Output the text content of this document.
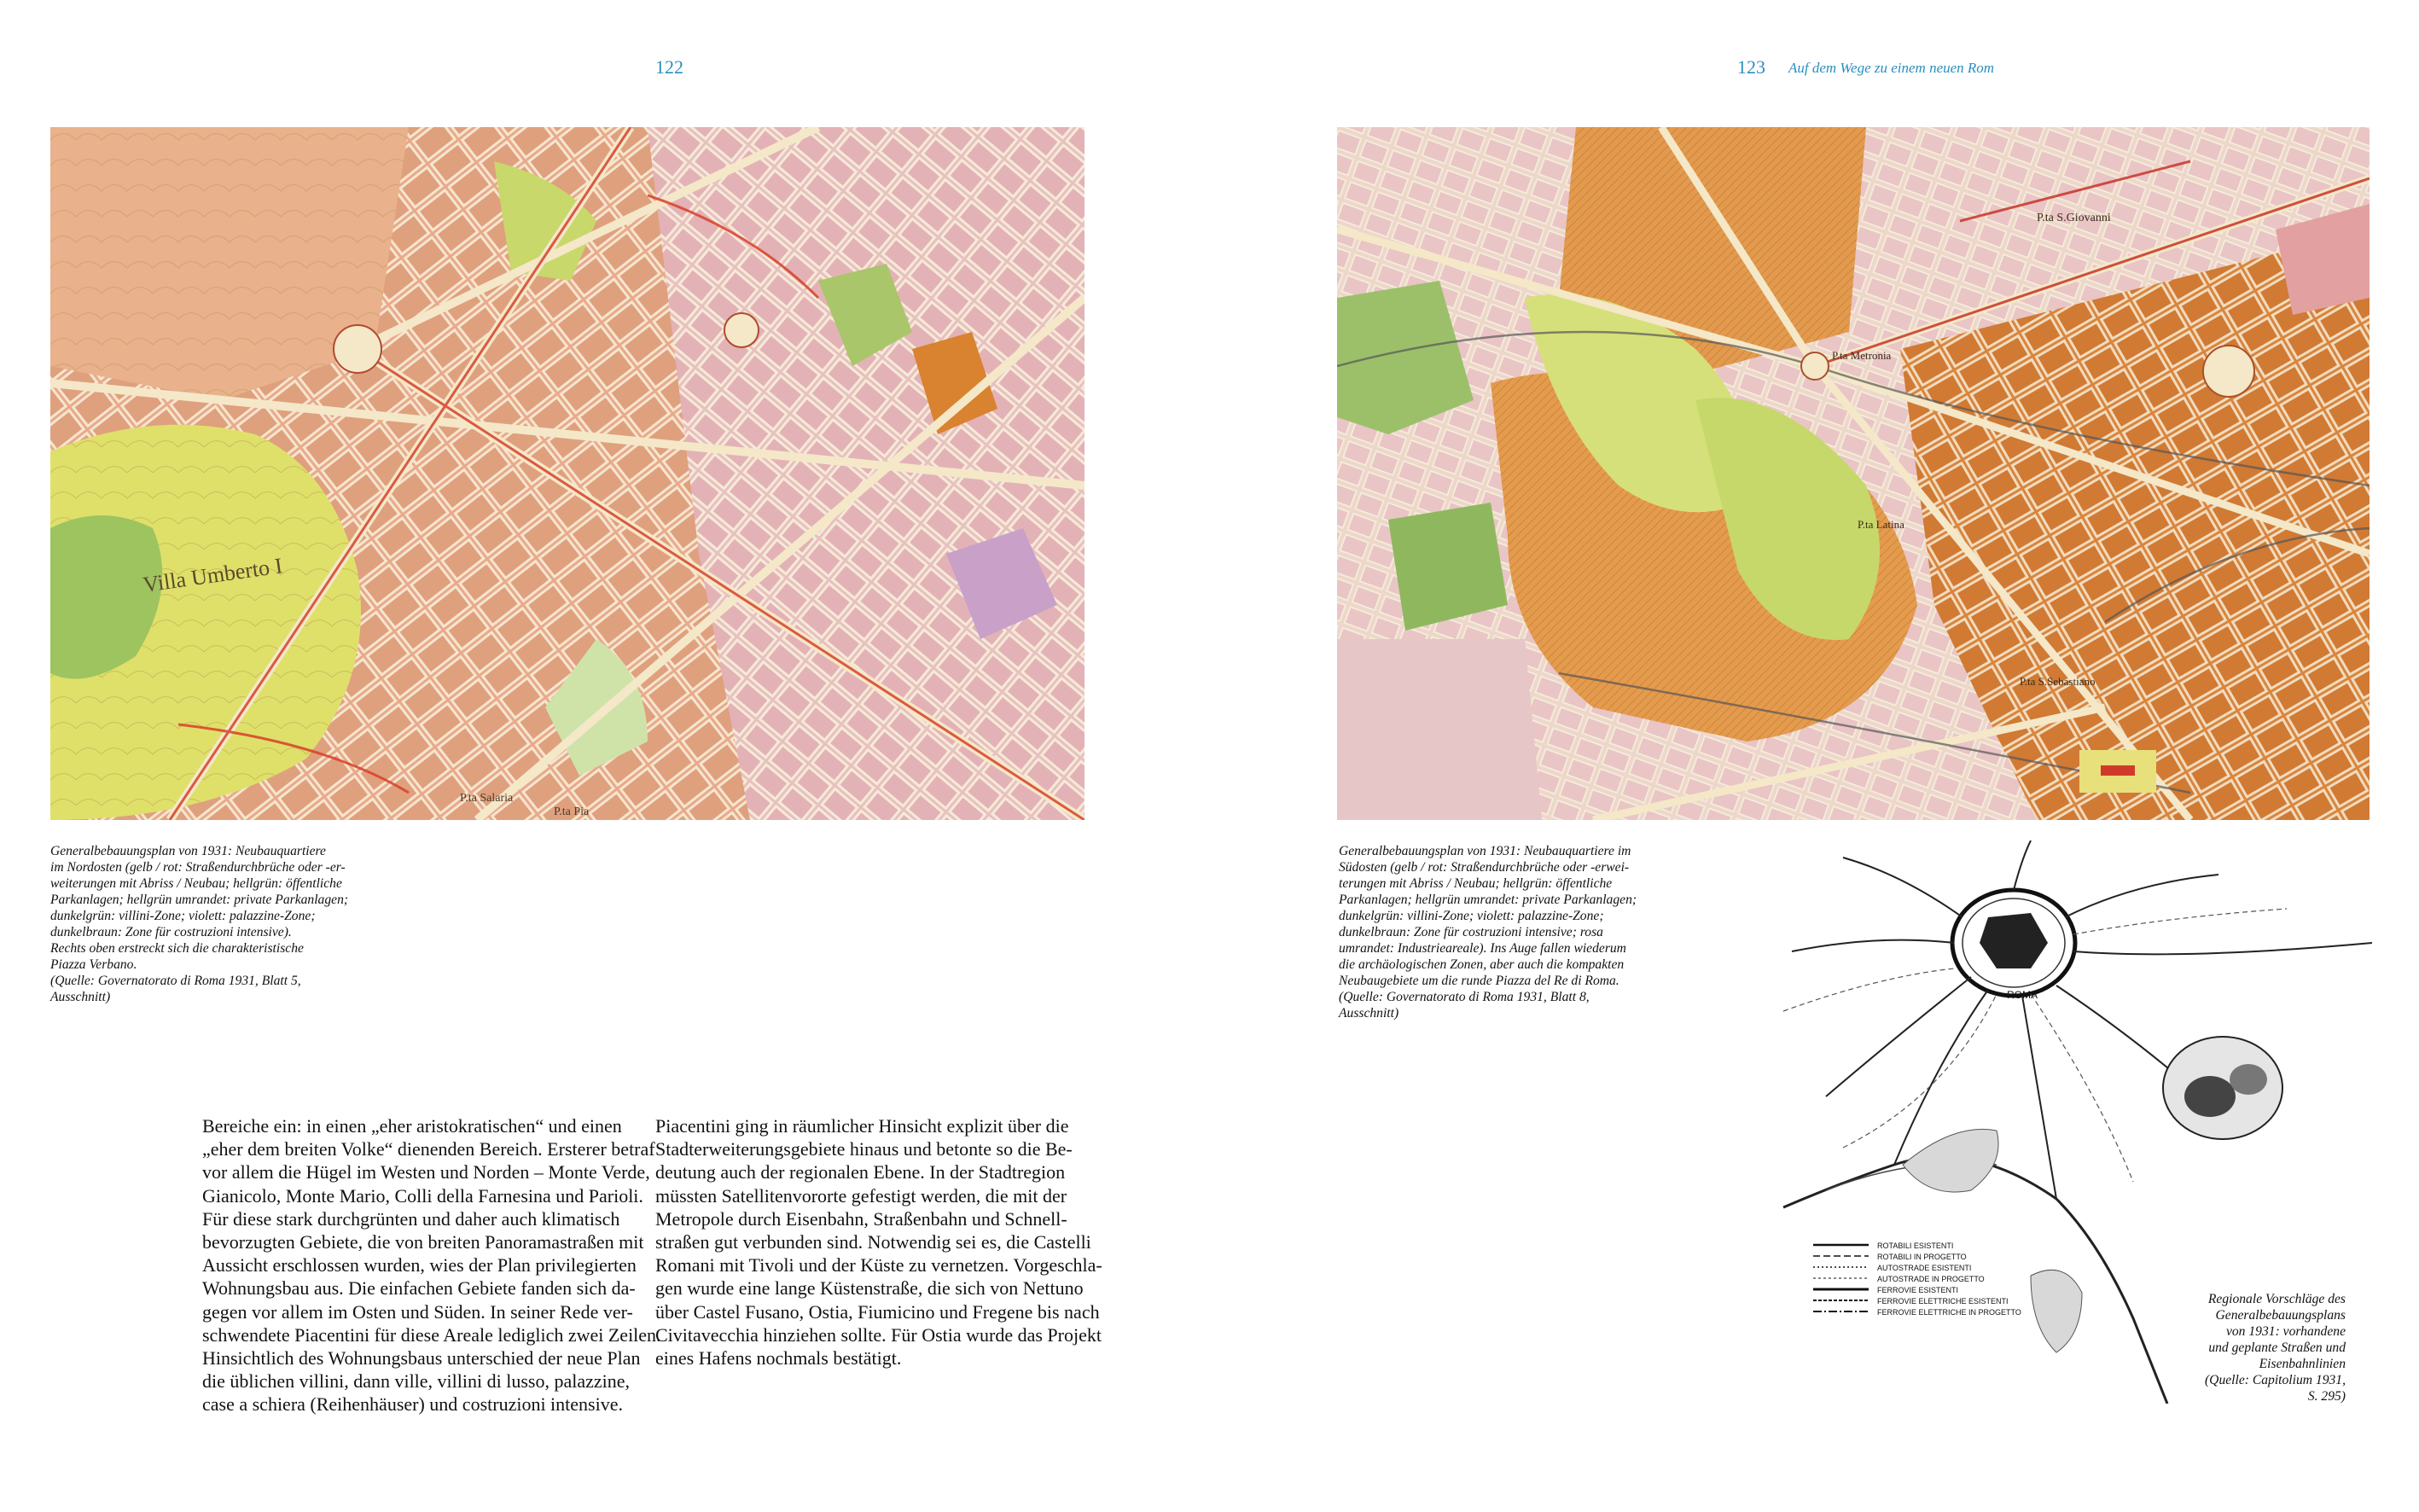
122
Villa Umberto I
P.ta Salaria
P.ta Pia
Generalbebauungsplan von 1931: Neubauquartiere
im Nordosten (gelb / rot: Straßendurchbrüche oder -er-
weiterungen mit Abriss / Neubau; hellgrün: öffentliche
Parkanlagen; hellgrün umrandet: private Parkanlagen;
dunkelgrün: villini-Zone; violett: palazzine-Zone;
dunkelbraun: Zone für costruzioni intensive).
Rechts oben erstreckt sich die charakteristische
Piazza Verbano.
(Quelle: Governatorato di Roma 1931, Blatt 5,
Ausschnitt)
Bereiche ein: in einen „eher aristokratischen“ und einen
„eher dem breiten Volke“ dienenden Bereich. Ersterer betraf
vor allem die Hügel im Westen und Norden – Monte Verde,
Gianicolo, Monte Mario, Colli della Farnesina und Parioli.
Für diese stark durchgrünten und daher auch klimatisch
bevorzugten Gebiete, die von breiten Panoramastraßen mit
Aussicht erschlossen wurden, wies der Plan privilegierten
Wohnungsbau aus. Die einfachen Gebiete fanden sich da-
gegen vor allem im Osten und Süden. In seiner Rede ver-
schwendete Piacentini für diese Areale lediglich zwei Zeilen.
Hinsichtlich des Wohnungsbaus unterschied der neue Plan
die üblichen villini, dann ville, villini di lusso, palazzine,
case a schiera (Reihenhäuser) und costruzioni intensive.
Piacentini ging in räumlicher Hinsicht explizit über die
Stadterweiterungsgebiete hinaus und betonte so die Be-
deutung auch der regionalen Ebene. In der Stadtregion
müssten Satellitenvororte gefestigt werden, die mit der
Metropole durch Eisenbahn, Straßenbahn und Schnell-
straßen gut verbunden sind. Notwendig sei es, die Castelli
Romani mit Tivoli und der Küste zu vernetzen. Vorgeschla-
gen wurde eine lange Küstenstraße, die sich von Nettuno
über Castel Fusano, Ostia, Fiumicino und Fregene bis nach
Civitavecchia hinziehen sollte. Für Ostia wurde das Projekt
eines Hafens nochmals bestätigt.
123 Auf dem Wege zu einem neuen Rom
P.ta S.Giovanni
P.ta Latina
P.ta S.Sebastiano
P.ta Metronia
Generalbebauungsplan von 1931: Neubauquartiere im
Südosten (gelb / rot: Straßendurchbrüche oder -erwei-
terungen mit Abriss / Neubau; hellgrün: öffentliche
Parkanlagen; hellgrün umrandet: private Parkanlagen;
dunkelgrün: villini-Zone; violett: palazzine-Zone;
dunkelbraun: Zone für costruzioni intensive; rosa
umrandet: Industrieareale). Ins Auge fallen wiederum
die archäologischen Zonen, aber auch die kompakten
Neubaugebiete um die runde Piazza del Re di Roma.
(Quelle: Governatorato di Roma 1931, Blatt 8,
Ausschnitt)
ROMA
ROTABILI ESISTENTI
ROTABILI IN PROGETTO
AUTOSTRADE ESISTENTI
AUTOSTRADE IN PROGETTO
FERROVIE ESISTENTI
FERROVIE ELETTRICHE ESISTENTI
FERROVIE ELETTRICHE IN PROGETTO
Regionale Vorschläge des
Generalbebauungsplans
von 1931: vorhandene
und geplante Straßen und
Eisenbahnlinien
(Quelle: Capitolium 1931,
S. 295)
